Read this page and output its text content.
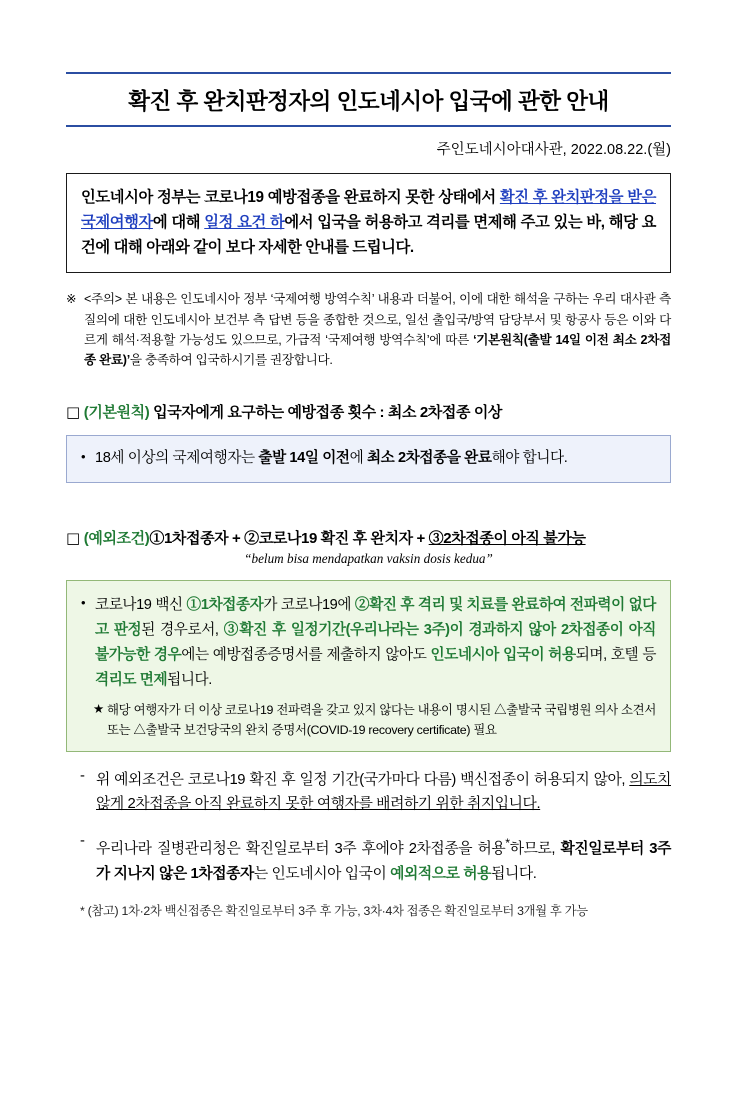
확진 후 완치판정자의 인도네시아 입국에 관한 안내
주인도네시아대사관, 2022.08.22.(월)

인도네시아 정부는 코로나19 예방접종을 완료하지 못한 상태에서 확진 후 완치판정을 받은 국제여행자에 대해 일정 요건 하에서 입국을 허용하고 격리를 면제해 주고 있는 바, 해당 요건에 대해 아래와 같이 보다 자세한 안내를 드립니다.

※ <주의> 본 내용은 인도네시아 정부 ‘국제여행 방역수칙’ 내용과 더불어, 이에 대한 해석을 구하는 우리 대사관 측 질의에 대한 인도네시아 보건부 측 답변 등을 종합한 것으로, 일선 출입국/방역 담당부서 및 항공사 등은 이와 다르게 해석·적용할 가능성도 있으므로, 가급적 ‘국제여행 방역수칙’에 따른 ‘기본원칙(출발 14일 이전 최소 2차접종 완료)’을 충족하여 입국하시기를 권장합니다.
□ (기본원칙) 입국자에게 요구하는 예방접종 횟수 : 최소 2차접종 이상
• 18세 이상의 국제여행자는 출발 14일 이전에 최소 2차접종을 완료해야 합니다.
□ (예외조건)①1차접종자 + ②코로나19 확진 후 완치자 + ③2차접종이 아직 불가능
“belum bisa mendapatkan vaksin dosis kedua”
• 코로나19 백신 ①1차접종자가 코로나19에 ②확진 후 격리 및 치료를 완료하여 전파력이 없다고 판정된 경우로서, ③확진 후 일정기간(우리나라는 3주)이 경과하지 않아 2차접종이 아직 불가능한 경우에는 예방접종증명서를 제출하지 않아도 인도네시아 입국이 허용되며, 호텔 등 격리도 면제됩니다.
★ 해당 여행자가 더 이상 코로나19 전파력을 갖고 있지 않다는 내용이 명시된 △출발국 국립병원 의사 소견서 또는 △출발국 보건당국의 완치 증명서(COVID-19 recovery certificate) 필요
- 위 예외조건은 코로나19 확진 후 일정 기간(국가마다 다름) 백신접종이 허용되지 않아, 의도치 않게 2차접종을 아직 완료하지 못한 여행자를 배려하기 위한 취지입니다.
- 우리나라 질병관리청은 확진일로부터 3주 후에야 2차접종을 허용*하므로, 확진일로부터 3주가 지나지 않은 1차접종자는 인도네시아 입국이 예외적으로 허용됩니다.
* (참고) 1차·2차 백신접종은 확진일로부터 3주 후 가능, 3차·4차 접종은 확진일로부터 3개월 후 가능
